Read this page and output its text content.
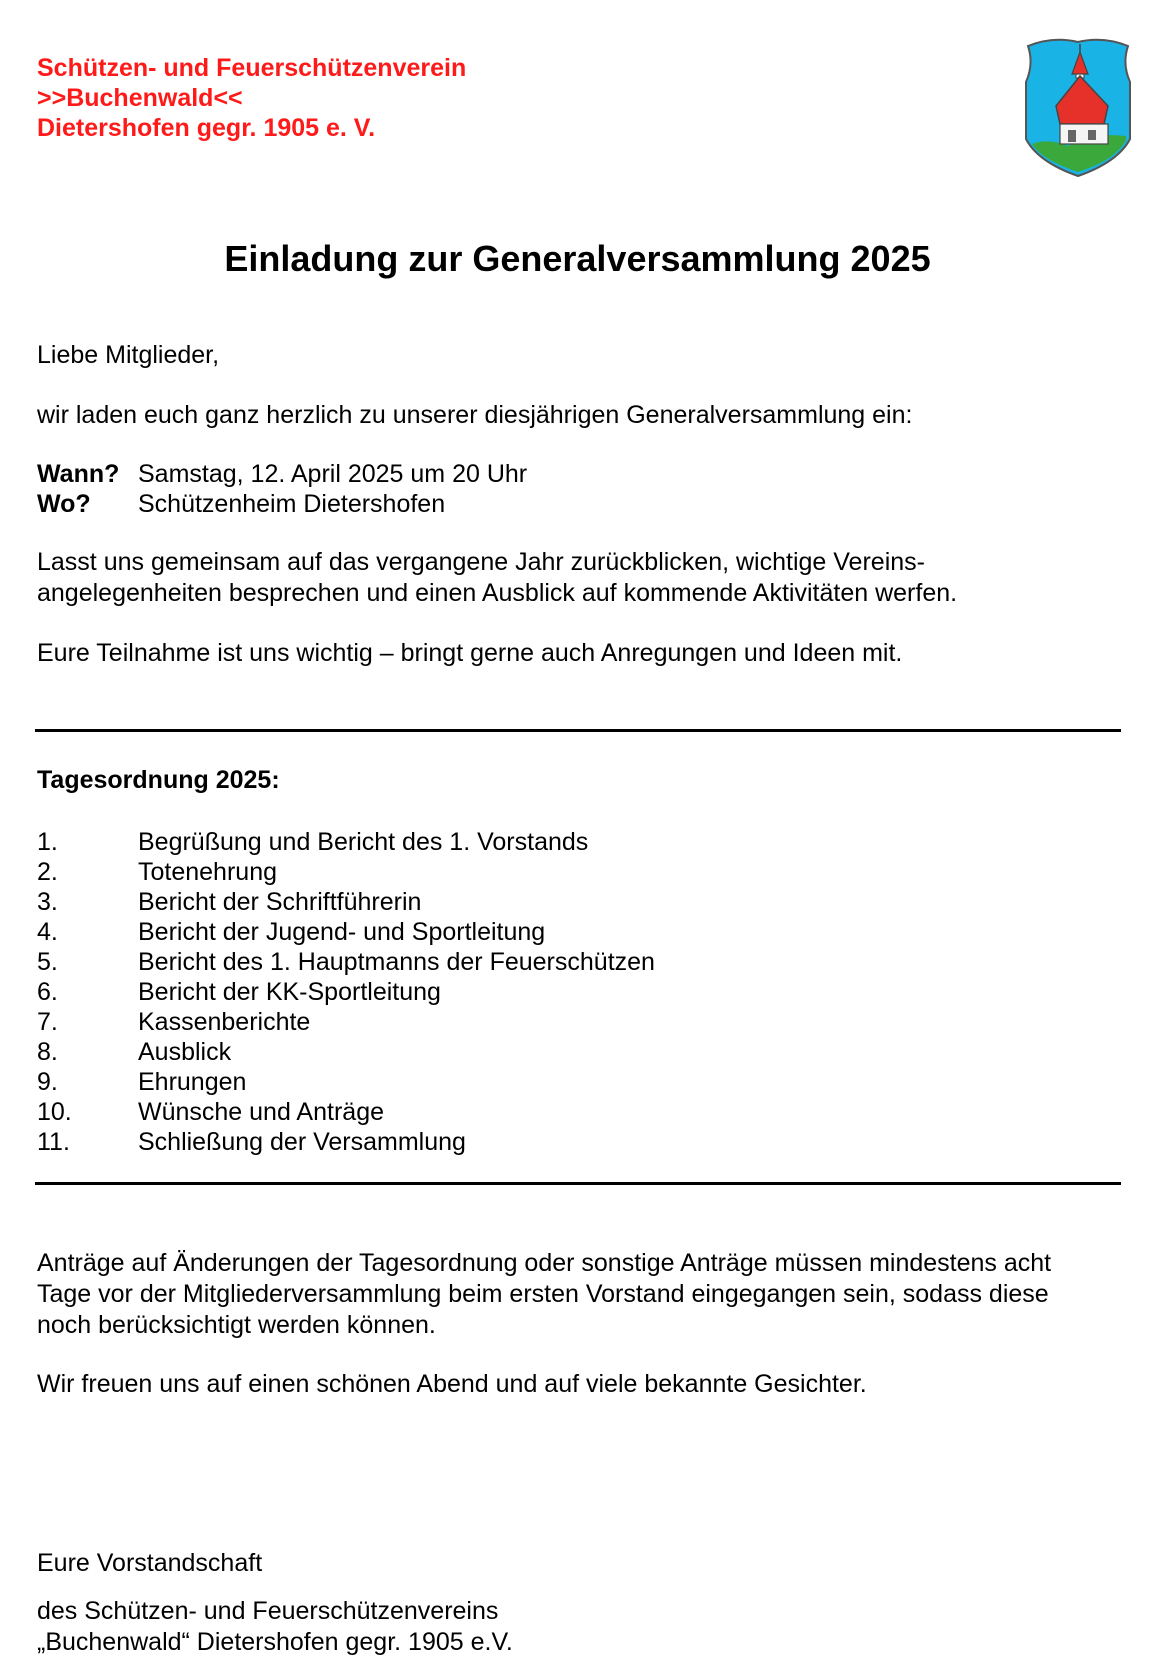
Schützen- und Feuerschützenverein
>>Buchenwald<<
Dietershofen gegr. 1905 e. V.
Einladung zur Generalversammlung 2025
Liebe Mitglieder,
wir laden euch ganz herzlich zu unserer diesjährigen Generalversammlung ein:
Wann? Samstag, 12. April 2025 um 20 Uhr
Wo?	Schützenheim Dietershofen
Lasst uns gemeinsam auf das vergangene Jahr zurückblicken, wichtige Vereins-
angelegenheiten besprechen und einen Ausblick auf kommende Aktivitäten werfen.
Eure Teilnahme ist uns wichtig – bringt gerne auch Anregungen und Ideen mit.
Tagesordnung 2025:
1.	Begrüßung und Bericht des 1. Vorstands
2.	Totenehrung
3.	Bericht der Schriftführerin
4.	Bericht der Jugend- und Sportleitung
5.	Bericht des 1. Hauptmanns der Feuerschützen
6.	Bericht der KK-Sportleitung
7.	Kassenberichte
8.	Ausblick
9.	Ehrungen
10.	Wünsche und Anträge
11.	Schließung der Versammlung
Anträge auf Änderungen der Tagesordnung oder sonstige Anträge müssen mindestens acht
Tage vor der Mitgliederversammlung beim ersten Vorstand eingegangen sein, sodass diese
noch berücksichtigt werden können.
Wir freuen uns auf einen schönen Abend und auf viele bekannte Gesichter.
Eure Vorstandschaft
des Schützen- und Feuerschützenvereins
„Buchenwald“ Dietershofen gegr. 1905 e.V.
